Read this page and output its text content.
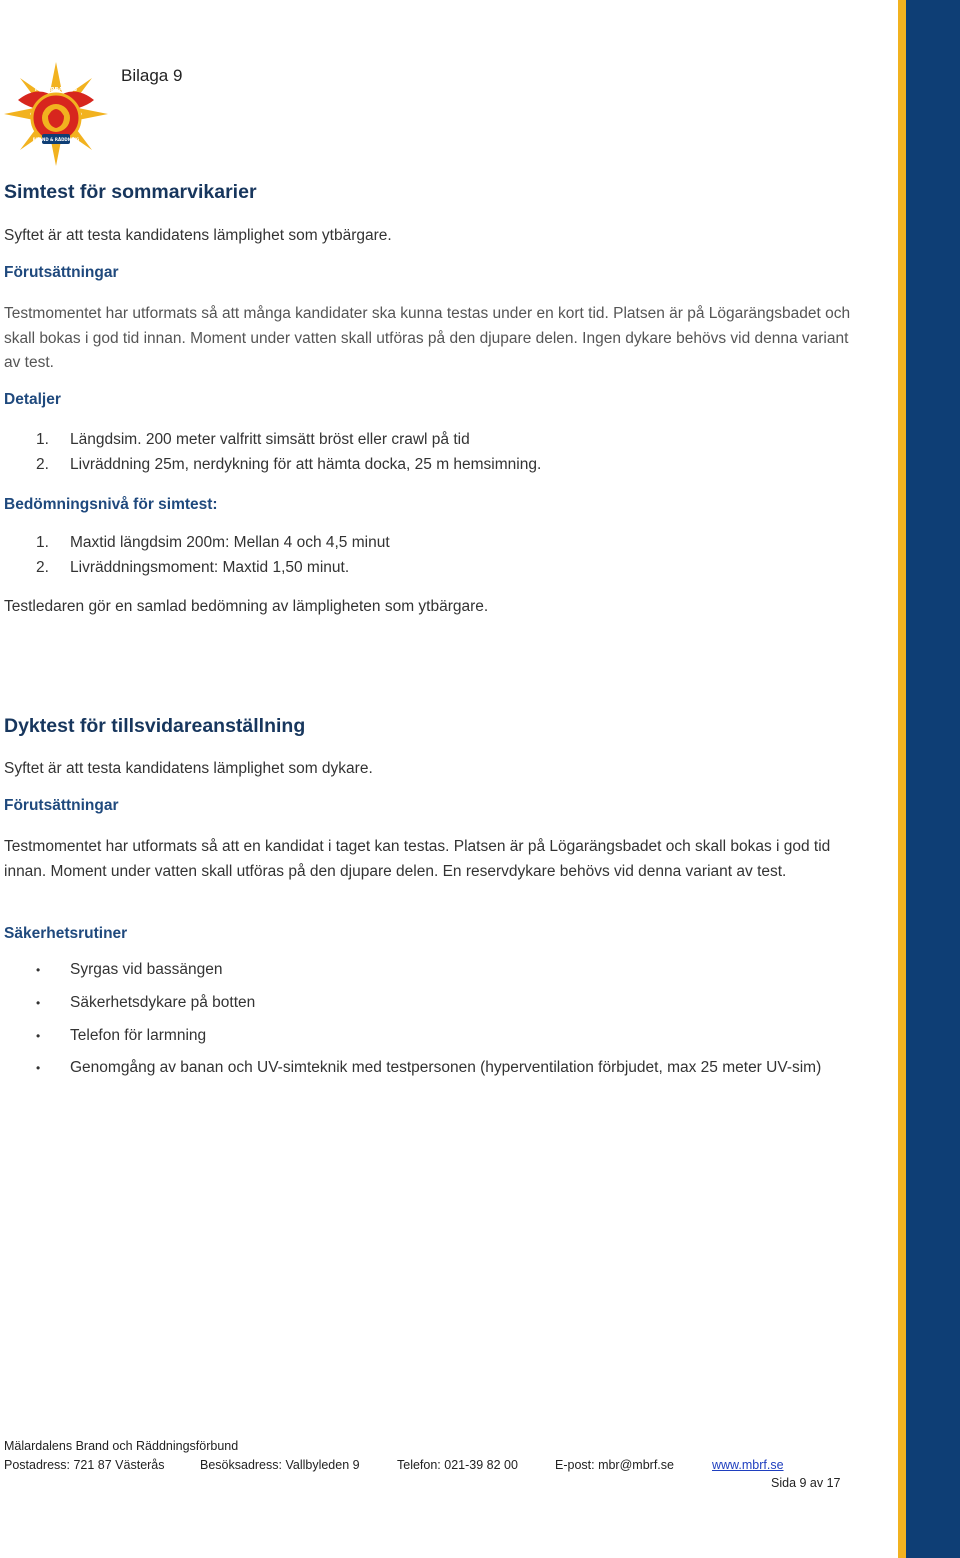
MÄLARDALENS
BRAND & RÄDDNING
Bilaga 9
Simtest för sommarvikarier
Syftet är att testa kandidatens lämplighet som ytbärgare.
Förutsättningar
Testmomentet har utformats så att många kandidater ska kunna testas under en kort tid. Platsen är på Lögarängsbadet och skall bokas i god tid innan. Moment under vatten skall utföras på den djupare delen. Ingen dykare behövs vid denna variant av test.
Detaljer
1.	Längdsim. 200 meter valfritt simsätt bröst eller crawl på tid
2.	Livräddning 25m, nerdykning för att hämta docka, 25 m hemsimning.
Bedömningsnivå för simtest:
1.	Maxtid längdsim 200m: Mellan 4 och 4,5 minut
2.	Livräddningsmoment: Maxtid 1,50 minut.
Testledaren gör en samlad bedömning av lämpligheten som ytbärgare.
Dyktest för tillsvidareanställning
Syftet är att testa kandidatens lämplighet som dykare.
Förutsättningar
Testmomentet har utformats så att en kandidat i taget kan testas. Platsen är på Lögarängsbadet och skall bokas i god tid innan. Moment under vatten skall utföras på den djupare delen. En reservdykare behövs vid denna variant av test.
Säkerhetsrutiner
•	Syrgas vid bassängen
•	Säkerhetsdykare på botten
•	Telefon för larmning
•	Genomgång av banan och UV-simteknik med testpersonen (hyperventilation förbjudet, max 25 meter UV-sim)
Mälardalens Brand och Räddningsförbund
Postadress: 721 87 Västerås	Besöksadress: Vallbyleden 9	Telefon: 021-39 82 00	E-post: mbr@mbrf.se	www.mbrf.se
Sida 9 av 17
